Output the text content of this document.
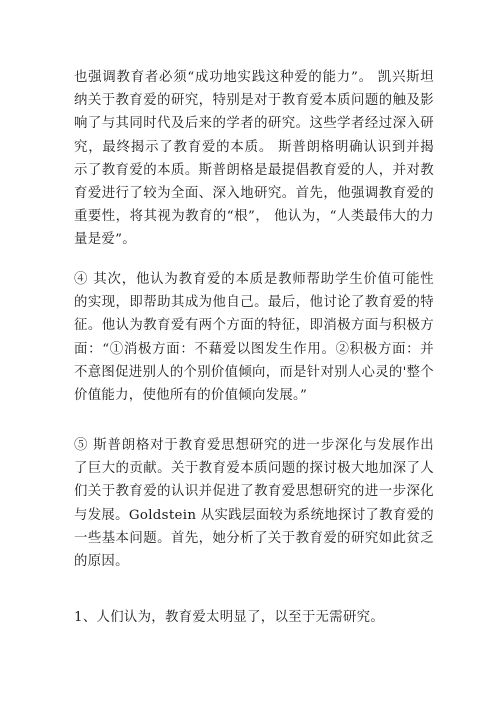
也强调教育者必须“成功地实践这种爱的能力”。 凯兴斯坦纳关于教育爱的研究，特别是对于教育爱本质问题的触及影响了与其同时代及后来的学者的研究。这些学者经过深入研究，最终揭示了教育爱的本质。 斯普朗格明确认识到并揭示了教育爱的本质。斯普朗格是最提倡教育爱的人，并对教育爱进行了较为全面、深入地研究。首先，他强调教育爱的重要性，将其视为教育的“根”， 他认为，“人类最伟大的力量是爱”。

④ 其次，他认为教育爱的本质是教师帮助学生价值可能性的实现，即帮助其成为他自己。最后，他讨论了教育爱的特征。他认为教育爱有两个方面的特征，即消极方面与积极方面：“①消极方面：不藉爱以图发生作用。②积极方面：并不意图促进别人的个别价值倾向，而是针对别人心灵的'整个价值能力，使他所有的价值倾向发展。”

⑤ 斯普朗格对于教育爱思想研究的进一步深化与发展作出了巨大的贡献。关于教育爱本质问题的探讨极大地加深了人们关于教育爱的认识并促进了教育爱思想研究的进一步深化与发展。Goldstein 从实践层面较为系统地探讨了教育爱的一些基本问题。首先，她分析了关于教育爱的研究如此贫乏的原因。

1、人们认为，教育爱太明显了，以至于无需研究。
